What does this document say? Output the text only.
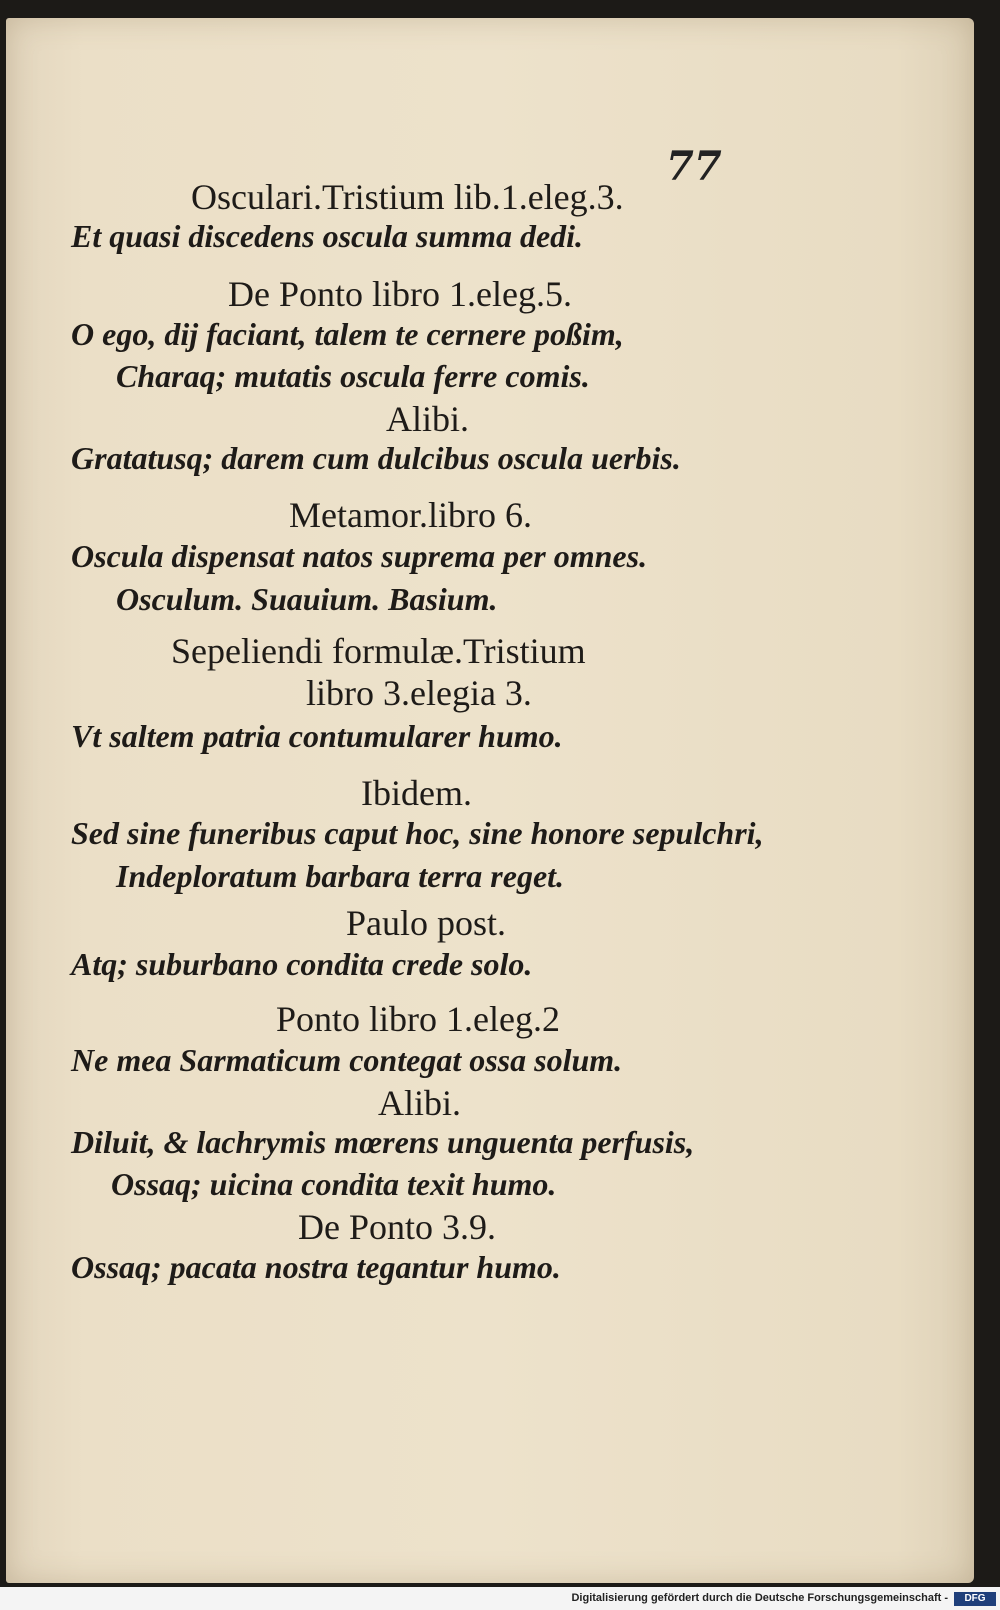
77
Osculari.Tristium lib.1.eleg.3.
Et quasi discedens oscula summa dedi.
De Ponto libro 1.eleg.5.
O ego, dij faciant, talem te cernere poßim,
Charaq; mutatis oscula ferre comis.
Alibi.
Gratatusq; darem cum dulcibus oscula uerbis.
Metamor.libro 6.
Oscula dispensat natos suprema per omnes.
Osculum. Suauium. Basium.
Sepeliendi formulæ.Tristium
libro 3.elegia 3.
Vt saltem patria contumularer humo.
Ibidem.
Sed sine funeribus caput hoc, sine honore sepulchri,
Indeploratum barbara terra reget.
Paulo post.
Atq; suburbano condita crede solo.
Ponto libro 1.eleg.2
Ne mea Sarmaticum contegat ossa solum.
Alibi.
Diluit, & lachrymis mœrens unguenta perfusis,
Ossaq; uicina condita texit humo.
De Ponto 3.9.
Ossaq; pacata nostra tegantur humo.
Digitalisierung gefördert durch die Deutsche Forschungsgemeinschaft -	DFG
